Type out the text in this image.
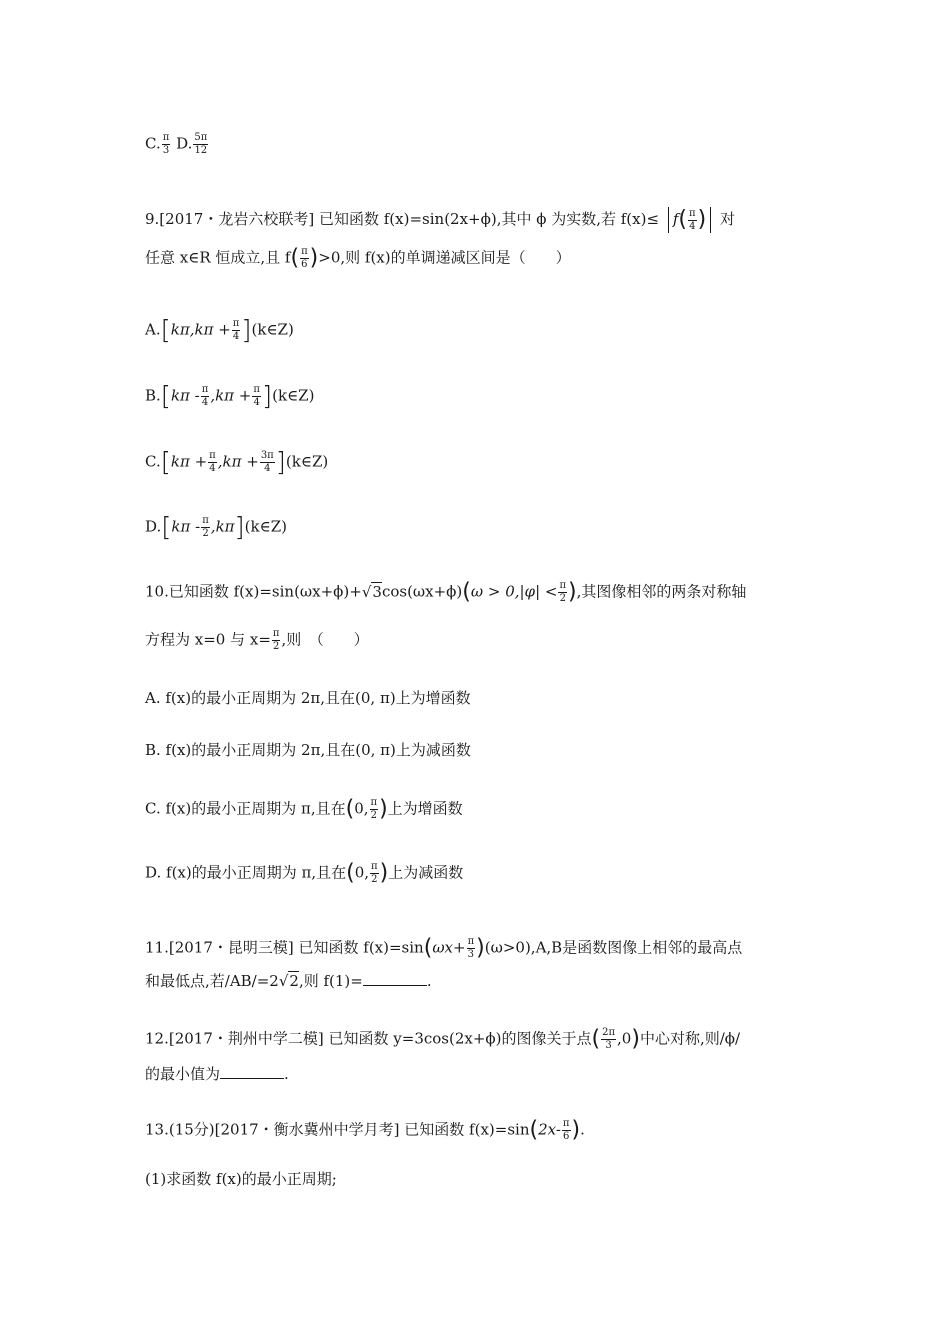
C. $\frac{\pi}{3} D$. $\frac{5\pi}{12}$
9.[2017・龙岩六校联考] 已知函数 f(x)=sin(2x+ϕ),其中 ϕ 为实数,若 $f(x)\le f( \frac{\pi}{4}$ ) 对
任意 x∈R 恒成立,且 $f( \frac{\pi}{6} )>0$,则 f(x)的单调递减区间是（　　）
$A.[k\pi,k\pi + \frac{\pi}{4}$ ](k∈Z)
$B.[k\pi - \frac{\pi}{4} ,k\pi + \frac{\pi}{4}$ ](k∈Z)
$C.[k\pi + \frac{\pi}{4} ,k\pi + \frac{3\pi}{4}$ ](k∈Z)
$D.[k\pi - \frac{\pi}{2}$ ,kπ](k∈Z)
10.已知函数 $f(x)=\sin(\omega x+\phi)+√3\cos(\omega x+\phi)(\omega > 0,|\varphi| < \frac{\pi}{2}$ ),其图像相邻的两条对称轴
方程为 x=0 与 $x= \frac{\pi}{2}$ ,则　（　　）
A. f(x)的最小正周期为 2π,且在(0, π)上为增函数
B. f(x)的最小正周期为 2π,且在(0, π)上为减函数
C. f(x)的最小正周期为 π,且在(0, $\frac{\pi}{2}$ )上为增函数
D. f(x)的最小正周期为 π,且在(0, $\frac{\pi}{2}$ )上为减函数
11.[2017・昆明三模] 已知函数 $f(x)=\sin(\omega x+ \frac{\pi}{3} )(\omega>0),A,B$是函数图像上相邻的最高点
和最低点,若/AB/=2√2,则 f(1)=	.
12.[2017・荆州中学二模] 已知函数 y=3cos(2x+ϕ)的图像关于点( $\frac{2\pi}{3} ,0$)中心对称,则/ϕ/
的最小值为	.
13.(15分)[2017・衡水冀州中学月考] 已知函数 $f(x)=\sin(2x- \frac{\pi}{6}$ ).
(1)求函数 f(x)的最小正周期;
